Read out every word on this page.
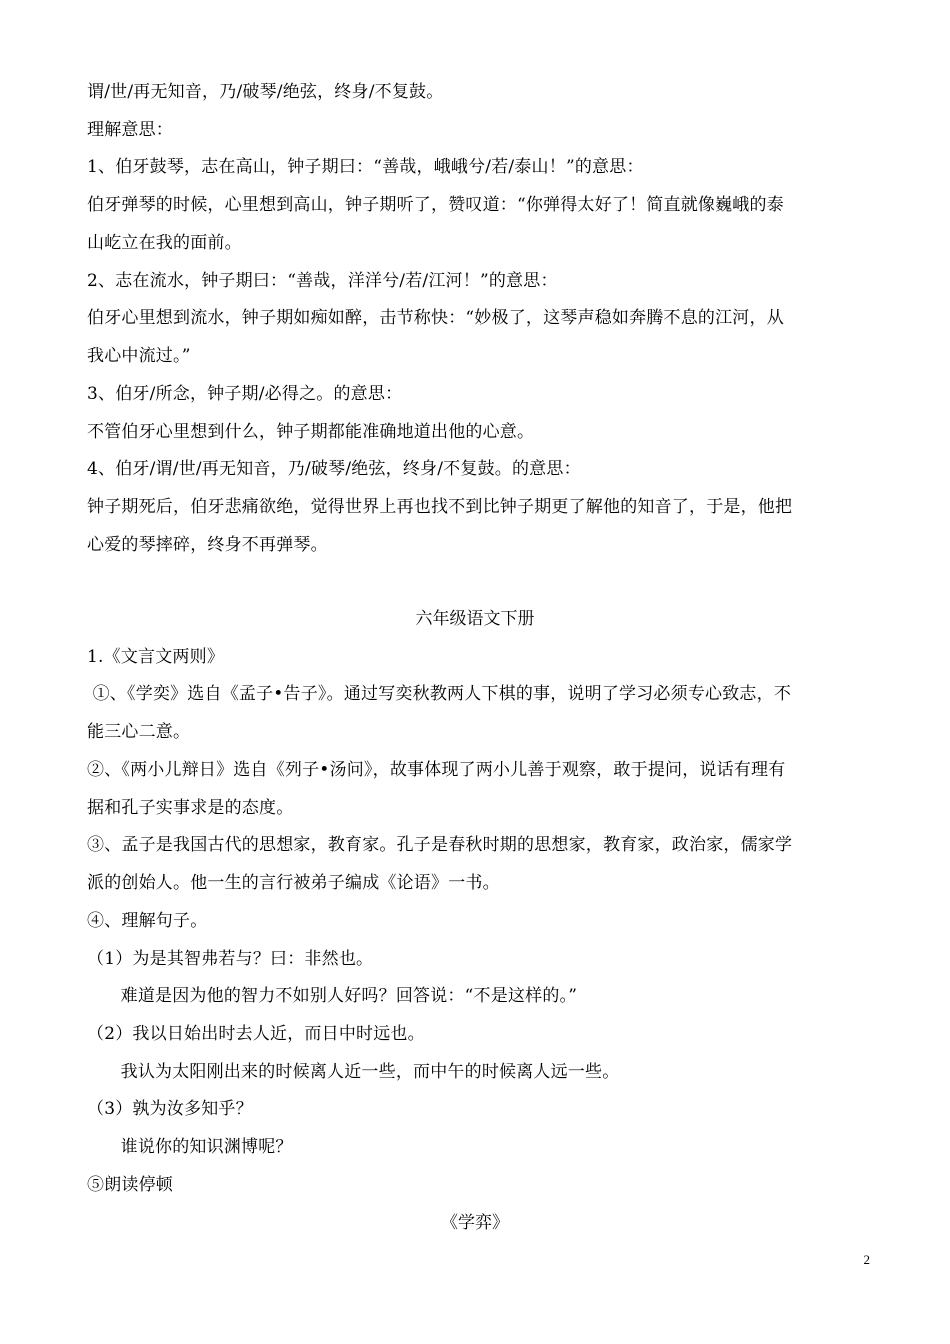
谓/世/再无知音，乃/破琴/绝弦，终身/不复鼓。
理解意思：
1、伯牙鼓琴，志在高山，钟子期曰：“善哉，峨峨兮/若/泰山！”的意思：
伯牙弹琴的时候，心里想到高山，钟子期听了，赞叹道：“你弹得太好了！简直就像巍峨的泰
山屹立在我的面前。
2、志在流水，钟子期曰：“善哉，洋洋兮/若/江河！”的意思：
伯牙心里想到流水，钟子期如痴如醉，击节称快：“妙极了，这琴声稳如奔腾不息的江河，从
我心中流过。”
3、伯牙/所念，钟子期/必得之。的意思：
不管伯牙心里想到什么，钟子期都能准确地道出他的心意。
4、伯牙/谓/世/再无知音，乃/破琴/绝弦，终身/不复鼓。的意思：
钟子期死后，伯牙悲痛欲绝，觉得世界上再也找不到比钟子期更了解他的知音了，于是，他把
心爱的琴摔碎，终身不再弹琴。
六年级语文下册
1.《文言文两则》
①、《学奕》选自《孟子•告子》。通过写奕秋教两人下棋的事，说明了学习必须专心致志，不
能三心二意。
②、《两小儿辩日》选自《列子•汤问》，故事体现了两小儿善于观察，敢于提问，说话有理有
据和孔子实事求是的态度。
③、孟子是我国古代的思想家，教育家。孔子是春秋时期的思想家，教育家，政治家，儒家学
派的创始人。他一生的言行被弟子编成《论语》一书。
④、理解句子。
（1）为是其智弗若与？曰：非然也。
难道是因为他的智力不如别人好吗？回答说：“不是这样的。”
（2）我以日始出时去人近，而日中时远也。
我认为太阳刚出来的时候离人近一些，而中午的时候离人远一些。
（3）孰为汝多知乎？
谁说你的知识渊博呢？
⑤朗读停顿
《学弈》
2
